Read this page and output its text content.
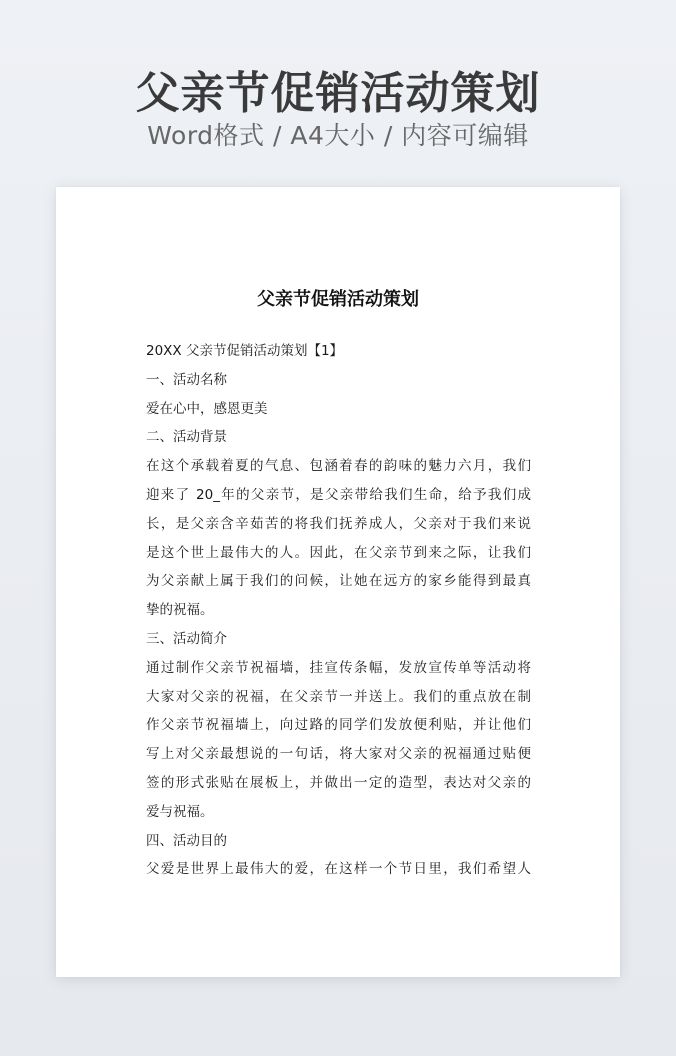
父亲节促销活动策划
Word格式 / A4大小 / 内容可编辑
父亲节促销活动策划
20XX 父亲节促销活动策划【1】
一、活动名称
爱在心中，感恩更美
二、活动背景
在这个承载着夏的气息、包涵着春的韵味的魅力六月，我们
迎来了 20_年的父亲节，是父亲带给我们生命，给予我们成
长，是父亲含辛茹苦的将我们抚养成人，父亲对于我们来说
是这个世上最伟大的人。因此，在父亲节到来之际，让我们
为父亲献上属于我们的问候，让她在远方的家乡能得到最真
挚的祝福。
三、活动简介
通过制作父亲节祝福墙，挂宣传条幅，发放宣传单等活动将
大家对父亲的祝福，在父亲节一并送上。我们的重点放在制
作父亲节祝福墙上，向过路的同学们发放便利贴，并让他们
写上对父亲最想说的一句话，将大家对父亲的祝福通过贴便
签的形式张贴在展板上，并做出一定的造型，表达对父亲的
爱与祝福。
四、活动目的
父爱是世界上最伟大的爱，在这样一个节日里，我们希望人
